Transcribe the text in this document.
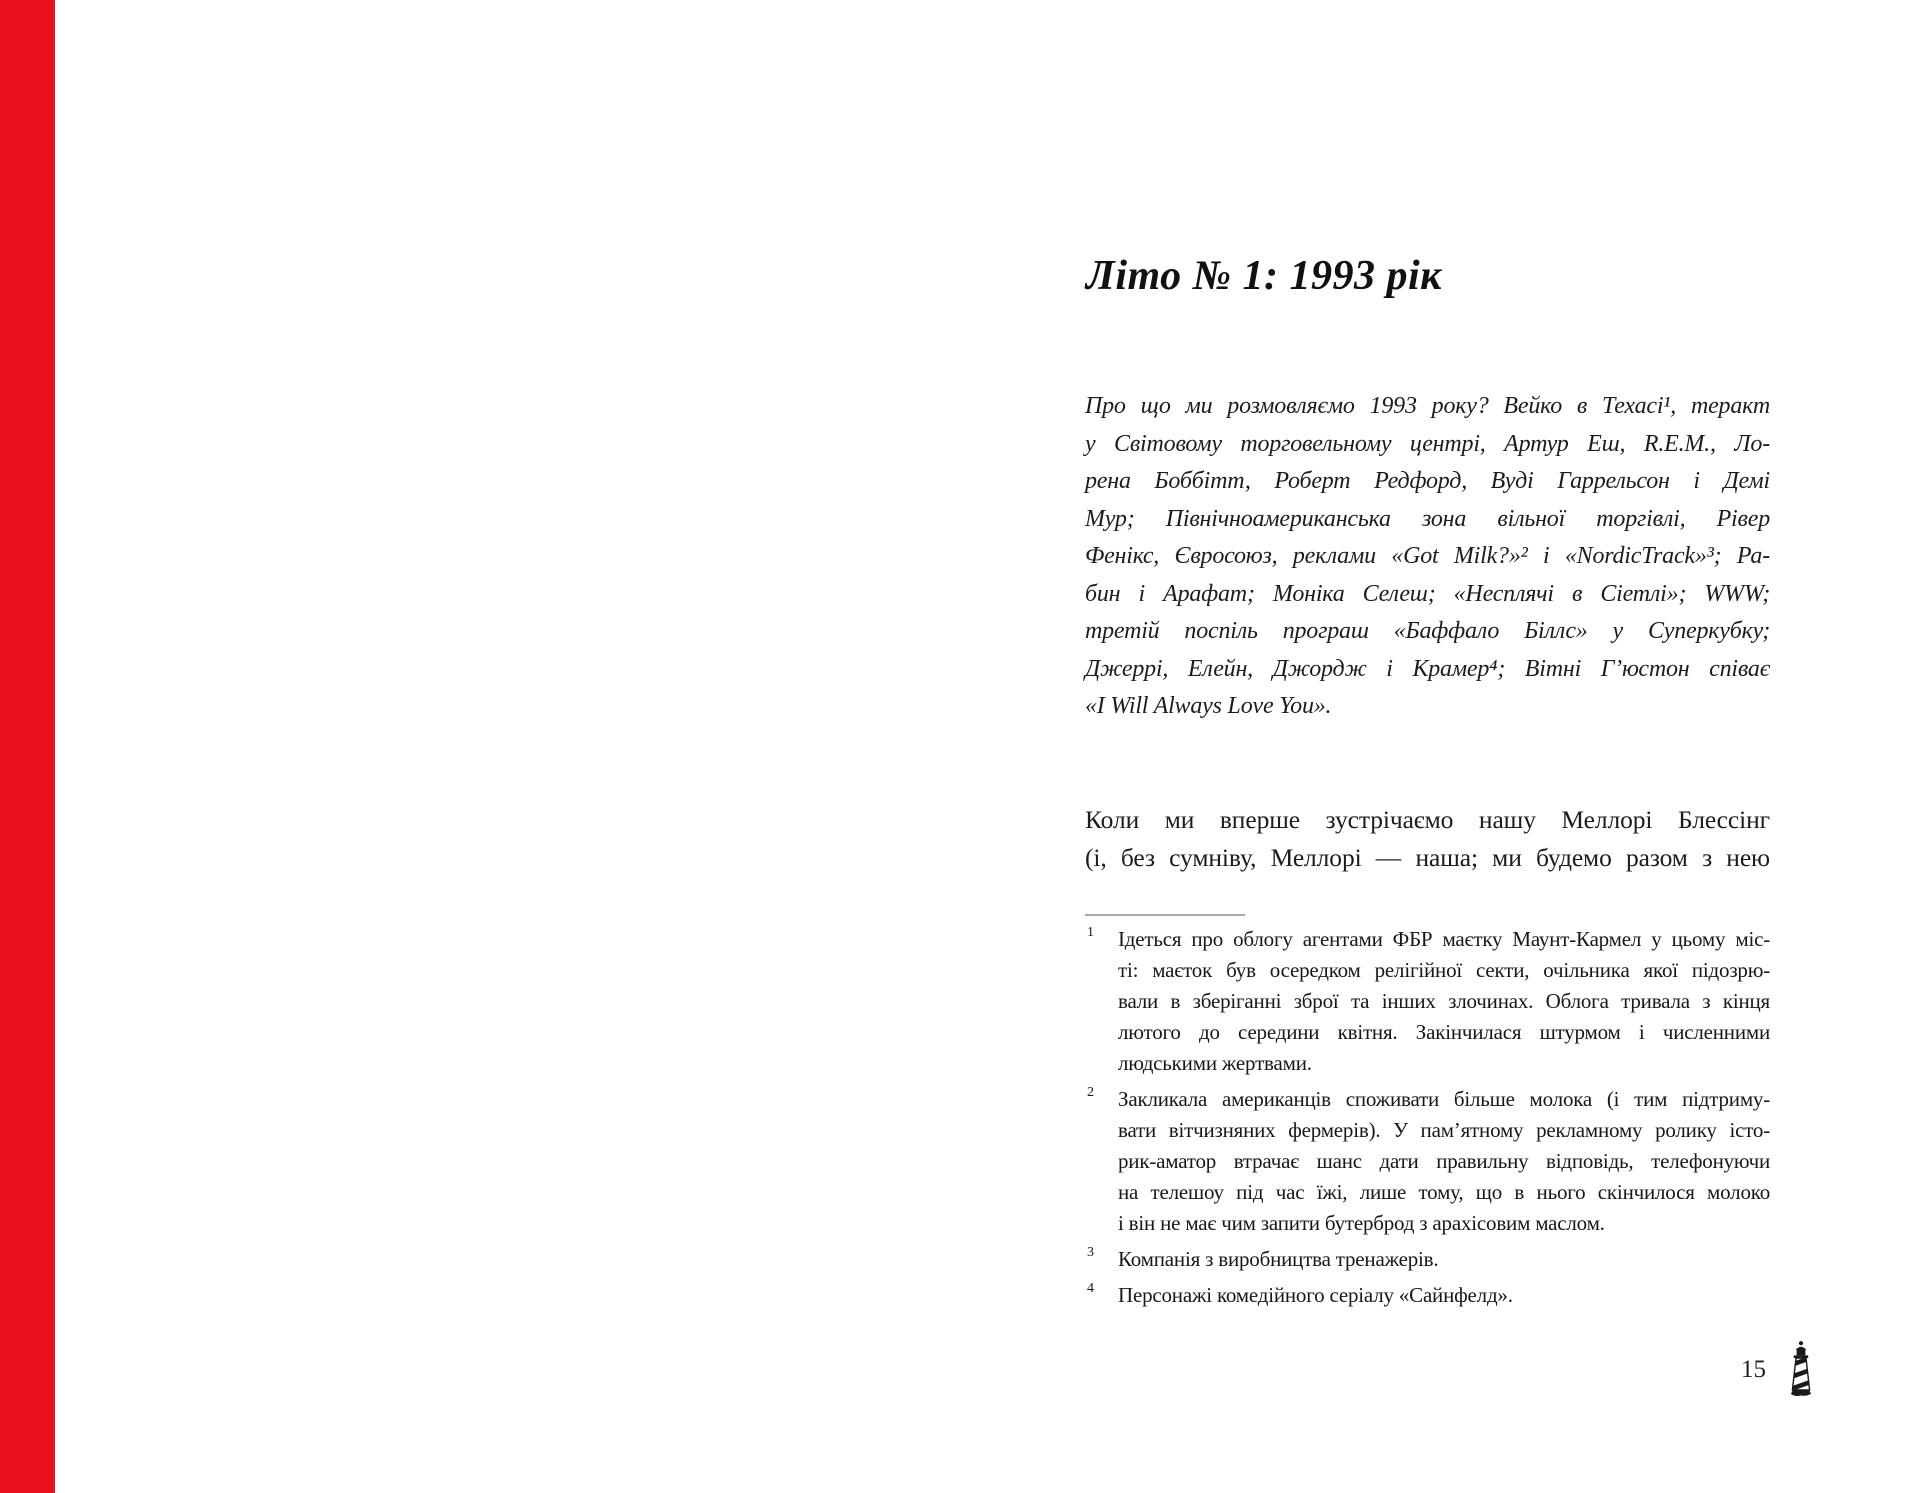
Літо № 1: 1993 рік
Про що ми розмовляємо 1993 року? Вейко в Техасі¹, теракт
у Світовому торговельному центрі, Артур Еш, R.E.M., Ло-
рена Боббітт, Роберт Редфорд, Вуді Гаррельсон і Демі
Мур; Північноамериканська зона вільної торгівлі, Рівер
Фенікс, Євросоюз, реклами «Got Milk?»² і «NordicTrack»³; Ра-
бин і Арафат; Моніка Селеш; «Несплячі в Сіетлі»; WWW;
третій поспіль програш «Баффало Біллс» у Суперкубку;
Джеррі, Елейн, Джордж і Крамер⁴; Вітні Г’юстон співає
«I Will Always Love You».
Коли ми вперше зустрічаємо нашу Меллорі Блессінг
(і, без сумніву, Меллорі — наша; ми будемо разом з нею
1 Ідеться про облогу агентами ФБР маєтку Маунт-Кармел у цьому міс-
ті: маєток був осередком релігійної секти, очільника якої підозрю-
вали в зберіганні зброї та інших злочинах. Облога тривала з кінця
лютого до середини квітня. Закінчилася штурмом і численними
людськими жертвами.
2 Закликала американців споживати більше молока (і тим підтриму-
вати вітчизняних фермерів). У пам’ятному рекламному ролику істо-
рик-аматор втрачає шанс дати правильну відповідь, телефонуючи
на телешоу під час їжі, лише тому, що в нього скінчилося молоко
і він не має чим запити бутерброд з арахісовим маслом.
3 Компанія з виробництва тренажерів.
4 Персонажі комедійного серіалу «Сайнфелд».
15
